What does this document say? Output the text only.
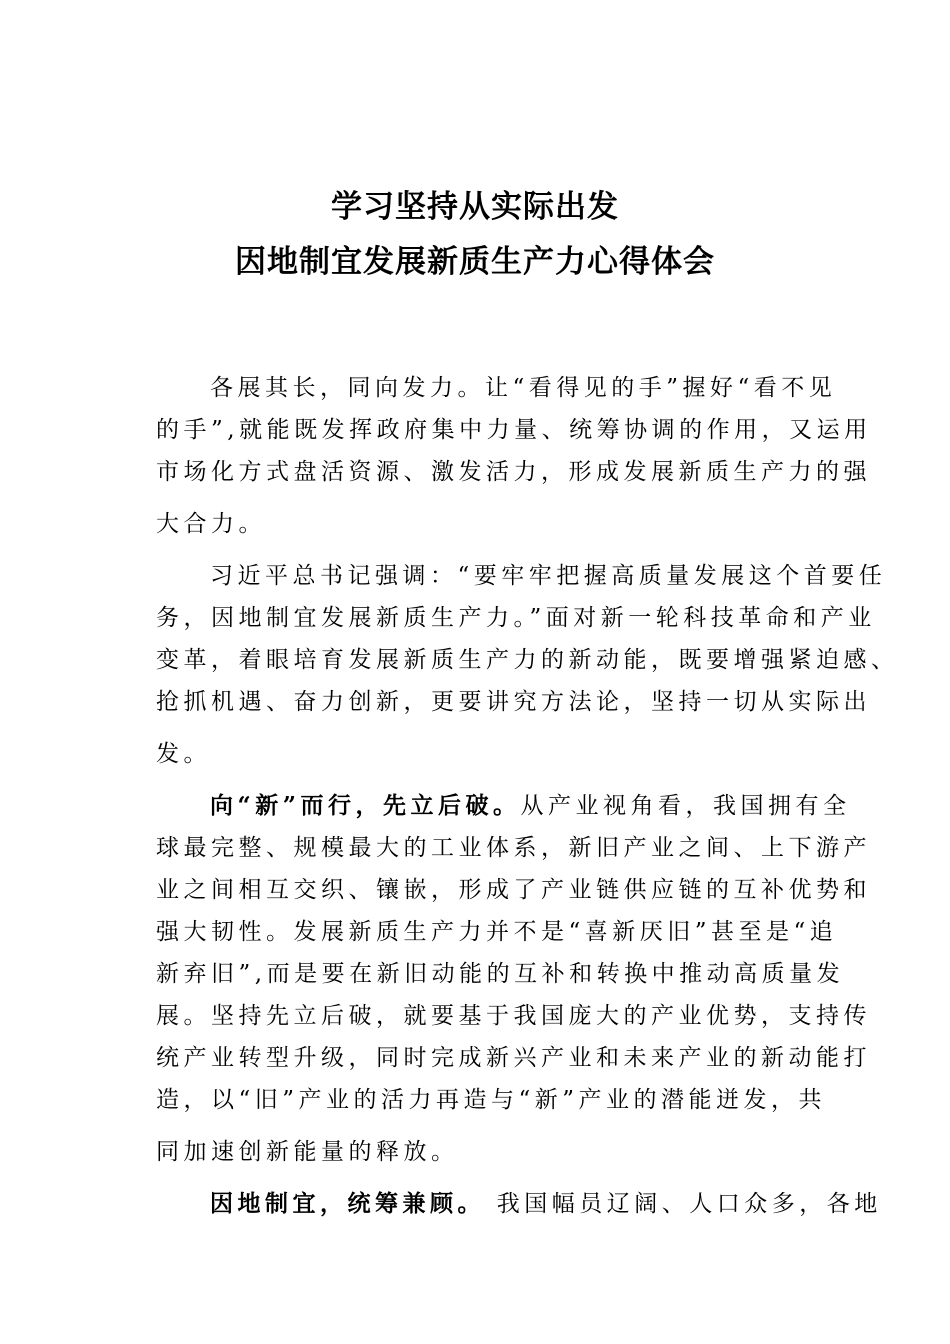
学习坚持从实际出发
因地制宜发展新质生产力心得体会
各展其长，同向发力。让“看得见的手”握好“看不见
的手”,就能既发挥政府集中力量、统筹协调的作用，又运用
市场化方式盘活资源、激发活力，形成发展新质生产力的强
大合力。
习近平总书记强调：“要牢牢把握高质量发展这个首要任
务，因地制宜发展新质生产力。”面对新一轮科技革命和产业
变革，着眼培育发展新质生产力的新动能，既要增强紧迫感、
抢抓机遇、奋力创新，更要讲究方法论，坚持一切从实际出
发。
向“新”而行，先立后破。从产业视角看，我国拥有全
球最完整、规模最大的工业体系，新旧产业之间、上下游产
业之间相互交织、镶嵌，形成了产业链供应链的互补优势和
强大韧性。发展新质生产力并不是“喜新厌旧”甚至是“追
新弃旧”,而是要在新旧动能的互补和转换中推动高质量发
展。坚持先立后破，就要基于我国庞大的产业优势，支持传
统产业转型升级，同时完成新兴产业和未来产业的新动能打
造，以“旧”产业的活力再造与“新”产业的潜能迸发，共
同加速创新能量的释放。
因地制宜，统筹兼顾。 我国幅员辽阔、人口众多，各地
